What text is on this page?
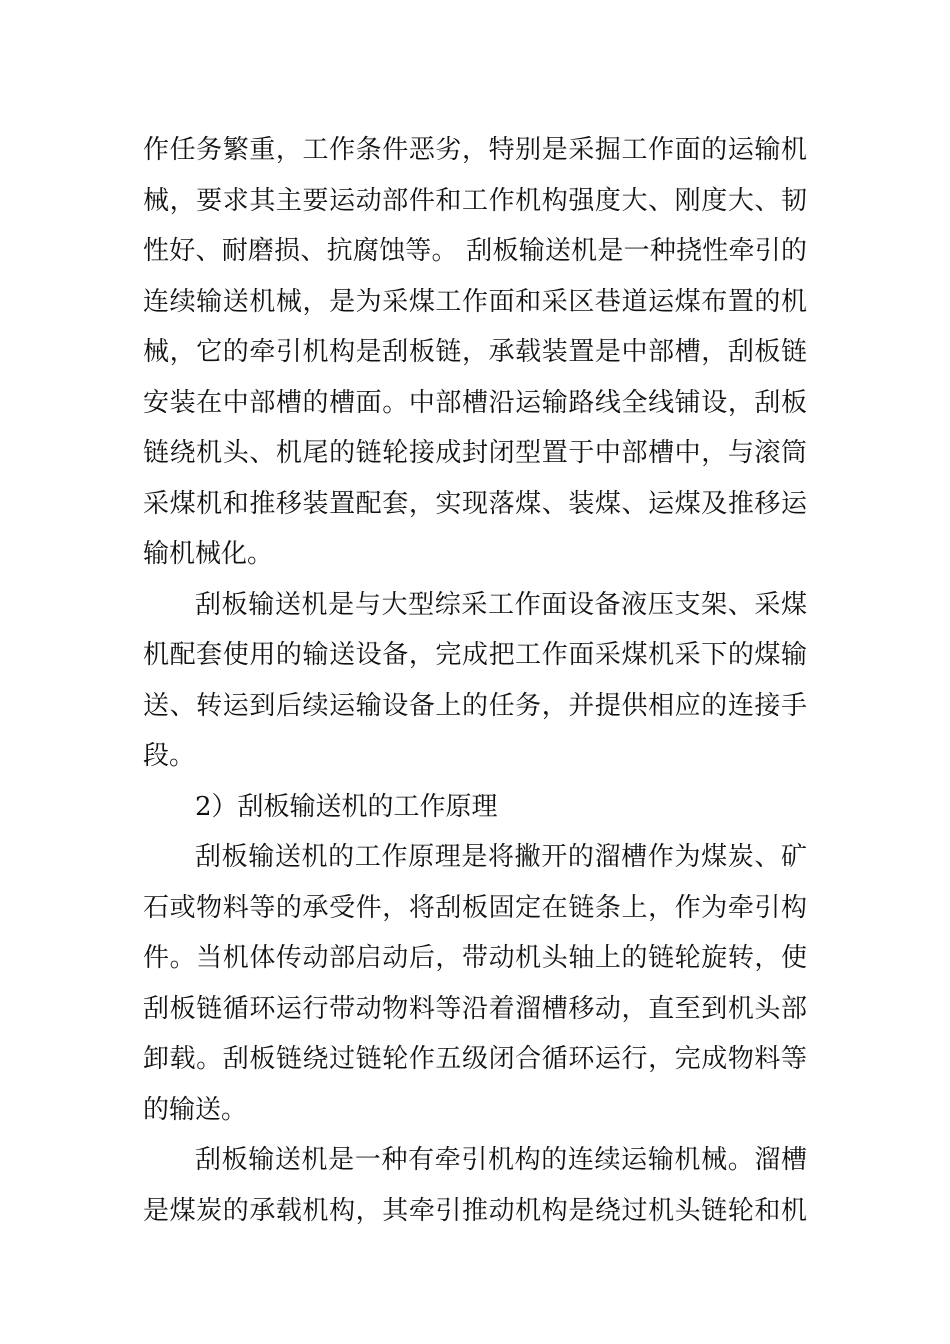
作任务繁重，工作条件恶劣，特别是采掘工作面的运输机
械，要求其主要运动部件和工作机构强度大、刚度大、韧
性好、耐磨损、抗腐蚀等。 刮板输送机是一种挠性牵引的
连续输送机械，是为采煤工作面和采区巷道运煤布置的机
械，它的牵引机构是刮板链，承载装置是中部槽，刮板链
安装在中部槽的槽面。中部槽沿运输路线全线铺设，刮板
链绕机头、机尾的链轮接成封闭型置于中部槽中，与滚筒
采煤机和推移装置配套，实现落煤、装煤、运煤及推移运
输机械化。
刮板输送机是与大型综采工作面设备液压支架、采煤
机配套使用的输送设备，完成把工作面采煤机采下的煤输
送、转运到后续运输设备上的任务，并提供相应的连接手
段。
2）刮板输送机的工作原理
刮板输送机的工作原理是将撇开的溜槽作为煤炭、矿
石或物料等的承受件，将刮板固定在链条上，作为牵引构
件。当机体传动部启动后，带动机头轴上的链轮旋转，使
刮板链循环运行带动物料等沿着溜槽移动，直至到机头部
卸载。刮板链绕过链轮作五级闭合循环运行，完成物料等
的输送。
刮板输送机是一种有牵引机构的连续运输机械。溜槽
是煤炭的承载机构，其牵引推动机构是绕过机头链轮和机
